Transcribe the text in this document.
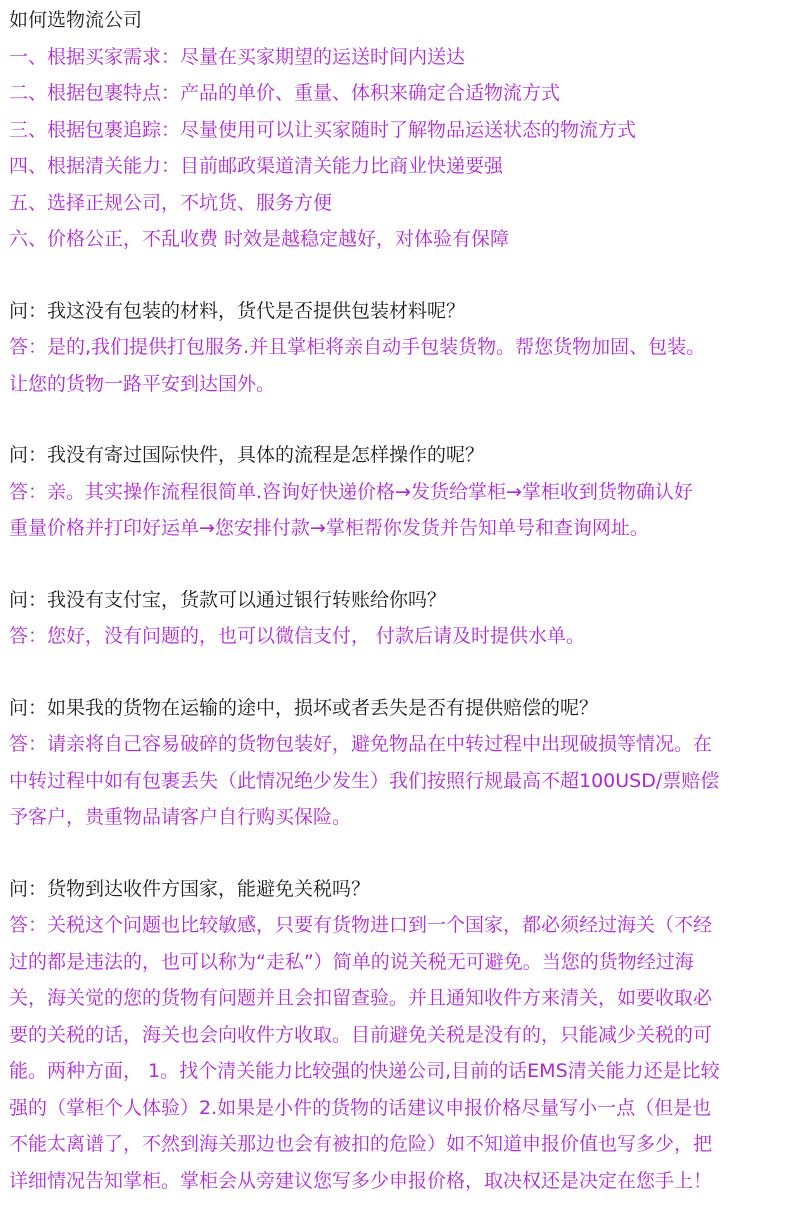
如何选物流公司
一、根据买家需求：尽量在买家期望的运送时间内送达
二、根据包裹特点：产品的单价、重量、体积来确定合适物流方式
三、根据包裹追踪：尽量使用可以让买家随时了解物品运送状态的物流方式
四、根据清关能力：目前邮政渠道清关能力比商业快递要强
五、选择正规公司，不坑货、服务方便
六、价格公正，不乱收费 时效是越稳定越好，对体验有保障
问：我这没有包装的材料，货代是否提供包装材料呢？
答：是的,我们提供打包服务.并且掌柜将亲自动手包装货物。帮您货物加固、包装。
让您的货物一路平安到达国外。
问：我没有寄过国际快件，具体的流程是怎样操作的呢？
答：亲。其实操作流程很简单.咨询好快递价格→发货给掌柜→掌柜收到货物确认好
重量价格并打印好运单→您安排付款→掌柜帮你发货并告知单号和查询网址。
问：我没有支付宝，货款可以通过银行转账给你吗？
答：您好，没有问题的，也可以微信支付， 付款后请及时提供水单。
问：如果我的货物在运输的途中，损坏或者丢失是否有提供赔偿的呢？
答：请亲将自己容易破碎的货物包装好，避免物品在中转过程中出现破损等情况。在
中转过程中如有包裹丢失（此情况绝少发生）我们按照行规最高不超100USD/票赔偿
予客户，贵重物品请客户自行购买保险。
问：货物到达收件方国家，能避免关税吗？
答：关税这个问题也比较敏感，只要有货物进口到一个国家，都必须经过海关（不经
过的都是违法的，也可以称为“走私”）简单的说关税无可避免。当您的货物经过海
关，海关觉的您的货物有问题并且会扣留查验。并且通知收件方来清关，如要收取必
要的关税的话，海关也会向收件方收取。目前避免关税是没有的，只能减少关税的可
能。两种方面， 1。找个清关能力比较强的快递公司,目前的话EMS清关能力还是比较
强的（掌柜个人体验）2.如果是小件的货物的话建议申报价格尽量写小一点（但是也
不能太离谱了，不然到海关那边也会有被扣的危险）如不知道申报价值也写多少，把
详细情况告知掌柜。掌柜会从旁建议您写多少申报价格，取决权还是决定在您手上！
